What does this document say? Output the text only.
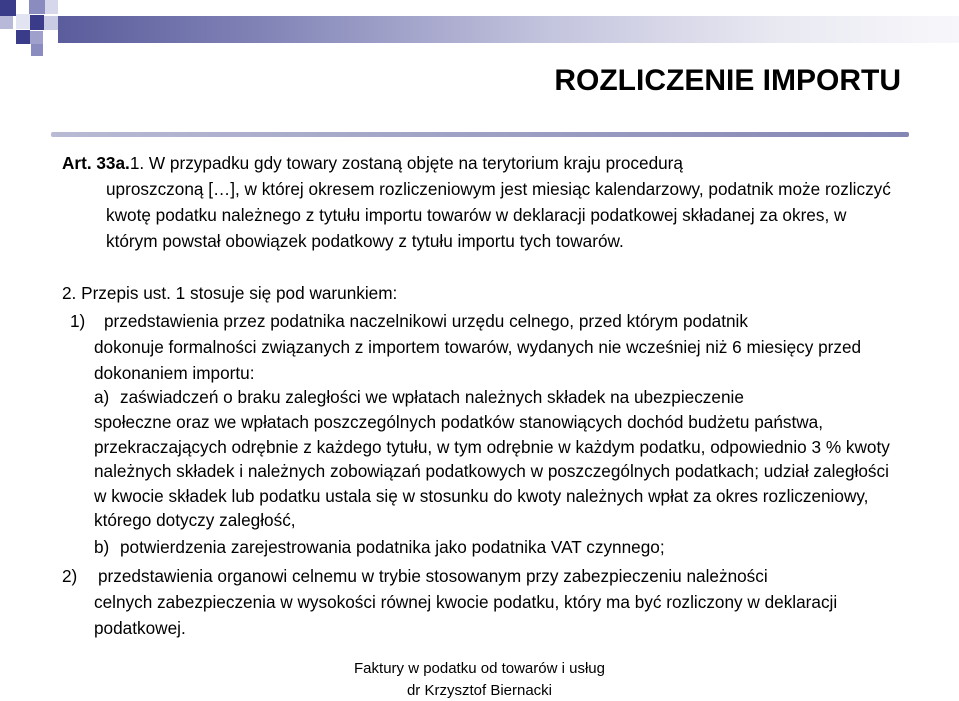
ROZLICZENIE IMPORTU
Art. 33a.1. W przypadku gdy towary zostaną objęte na terytorium kraju procedurą

uproszczoną […], w której okresem rozliczeniowym jest miesiąc kalendarzowy, podatnik może rozliczyć kwotę podatku należnego z tytułu importu towarów w deklaracji podatkowej składanej za okres, w którym powstał obowiązek podatkowy z tytułu importu tych towarów.

2. Przepis ust. 1 stosuje się pod warunkiem:
1) przedstawienia przez podatnika naczelnikowi urzędu celnego, przed którym podatnik

dokonuje formalności związanych z importem towarów, wydanych nie wcześniej niż 6 miesięcy przed dokonaniem importu:

a) zaświadczeń o braku zaległości we wpłatach należnych składek na ubezpieczenie

społeczne oraz we wpłatach poszczególnych podatków stanowiących dochód budżetu państwa, przekraczających odrębnie z każdego tytułu, w tym odrębnie w każdym podatku, odpowiednio 3 % kwoty należnych składek i należnych zobowiązań podatkowych w poszczególnych podatkach; udział zaległości w kwocie składek lub podatku ustala się w stosunku do kwoty należnych wpłat za okres rozliczeniowy, którego dotyczy zaległość,

b) potwierdzenia zarejestrowania podatnika jako podatnika VAT czynnego;
2) przedstawienia organowi celnemu w trybie stosowanym przy zabezpieczeniu należności

celnych zabezpieczenia w wysokości równej kwocie podatku, który ma być rozliczony w deklaracji podatkowej.

Faktury w podatku od towarów i usług
dr Krzysztof Biernacki
